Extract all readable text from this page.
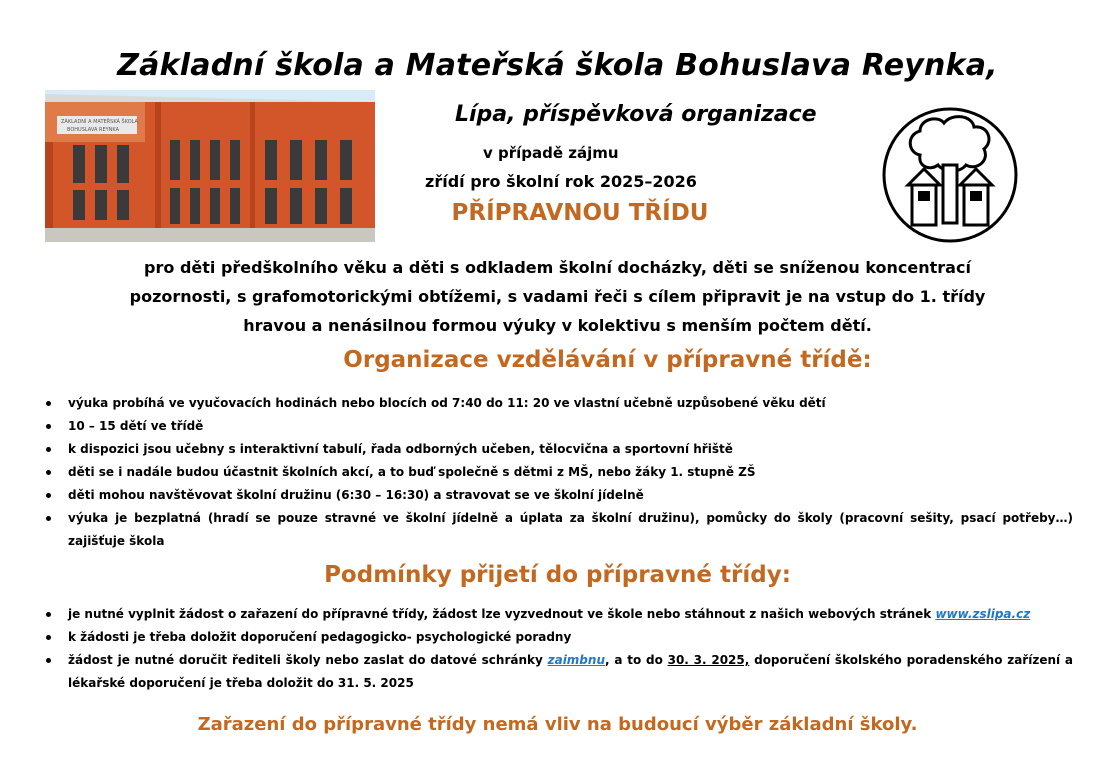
Základní škola a Mateřská škola Bohuslava Reynka,
ZÁKLADNÍ A MATEŘSKÁ ŠKOLA
BOHUSLAVA REYNKA
Lípa, příspěvková organizace
v případě zájmu
zřídí pro školní rok 2025–2026
PŘÍPRAVNOU TŘÍDU
pro děti předškolního věku a děti s odkladem školní docházky, děti se sníženou koncentrací
pozornosti, s grafomotorickými obtížemi, s vadami řeči s cílem připravit je na vstup do 1. třídy
hravou a nenásilnou formou výuky v kolektivu s menším počtem dětí.
Organizace vzdělávání v přípravné třídě:
výuka probíhá ve vyučovacích hodinách nebo blocích od 7:40 do 11: 20 ve vlastní učebně uzpůsobené věku dětí
10 – 15 dětí ve třídě
k dispozici jsou učebny s interaktivní tabulí, řada odborných učeben, tělocvična a sportovní hřiště
děti se i nadále budou účastnit školních akcí, a to buď společně s dětmi z MŠ, nebo žáky 1. stupně ZŠ
děti mohou navštěvovat školní družinu (6:30 – 16:30) a stravovat se ve školní jídelně
výuka je bezplatná (hradí se pouze stravné ve školní jídelně a úplata za školní družinu), pomůcky do školy (pracovní sešity, psací potřeby…) zajišťuje škola
Podmínky přijetí do přípravné třídy:
je nutné vyplnit žádost o zařazení do přípravné třídy, žádost lze vyzvednout ve škole nebo stáhnout z našich webových stránek www.zslipa.cz
k žádosti je třeba doložit doporučení pedagogicko- psychologické poradny
žádost je nutné doručit řediteli školy nebo zaslat do datové schránky zaimbnu, a to do 30. 3. 2025, doporučení školského poradenského zařízení a lékařské doporučení je třeba doložit do 31. 5. 2025
Zařazení do přípravné třídy nemá vliv na budoucí výběr základní školy.
